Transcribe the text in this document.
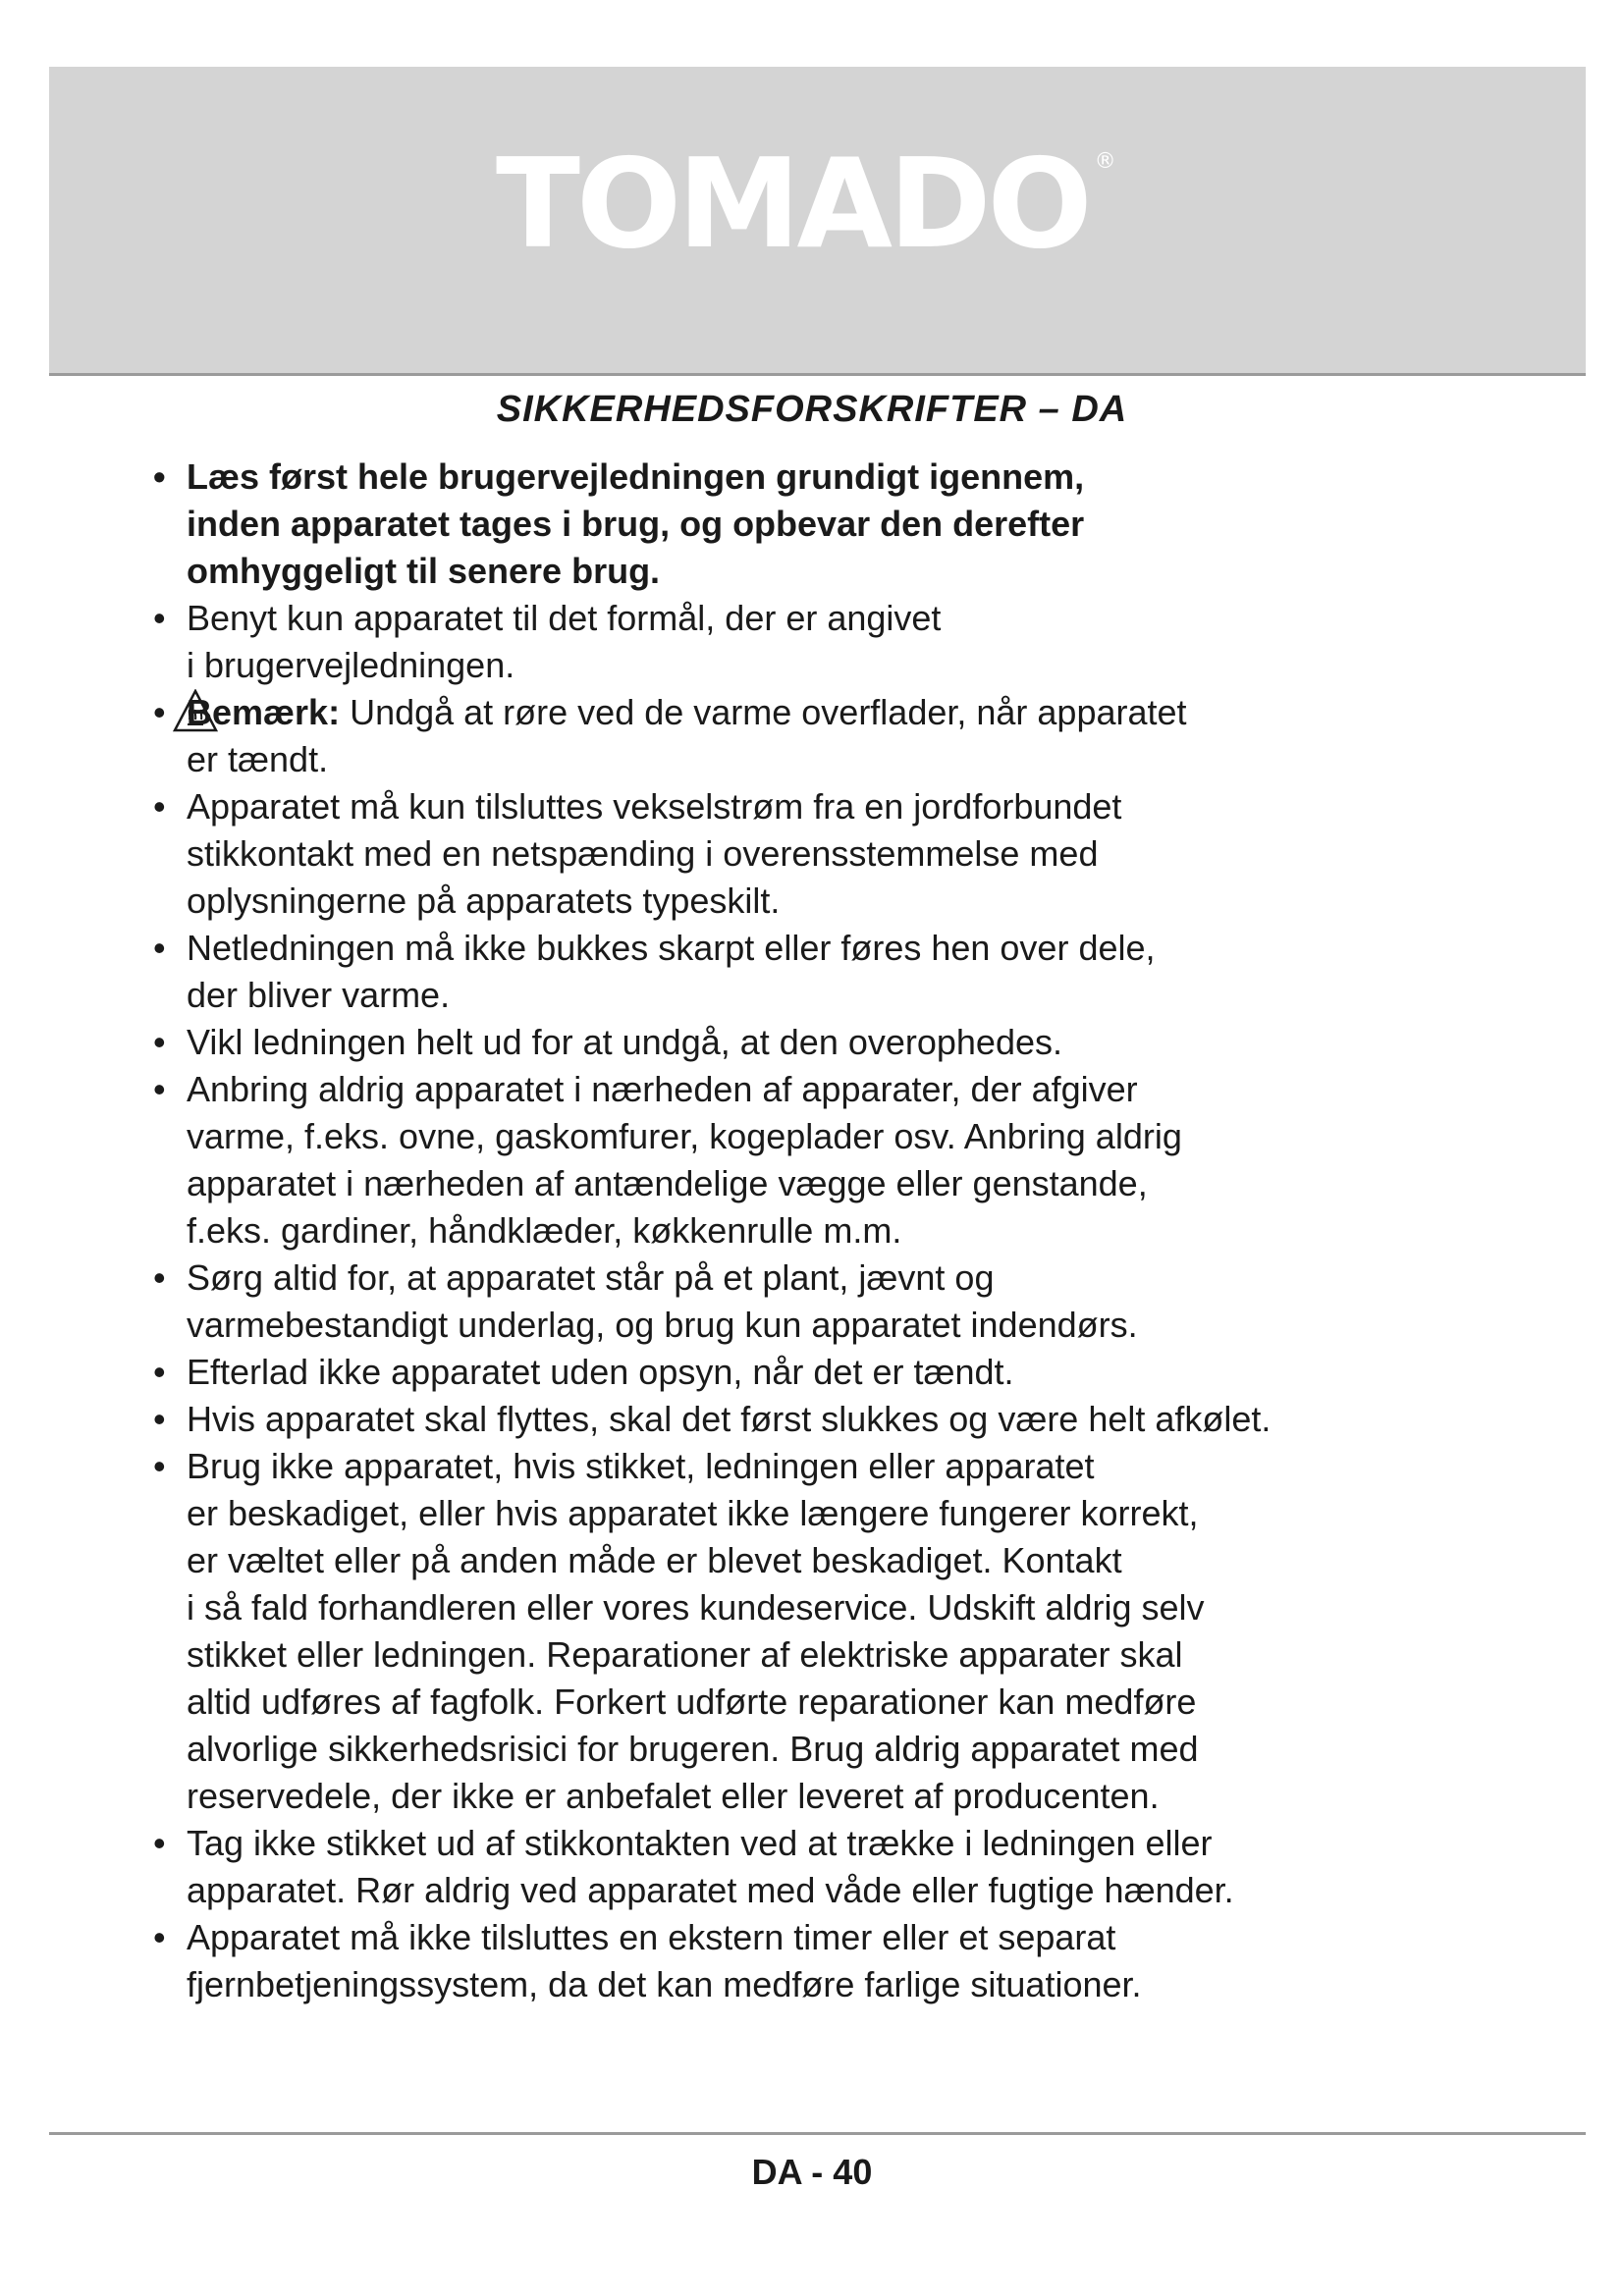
TOMADO ®
SIKKERHEDSFORSKRIFTER – DA
• Læs først hele brugervejledningen grundigt igennem,
inden apparatet tages i brug, og opbevar den derefter
omhyggeligt til senere brug.
• Benyt kun apparatet til det formål, der er angivet
i brugervejledningen.
• Bemærk: Undgå at røre ved de varme overflader, når apparatet
er tændt.
• Apparatet må kun tilsluttes vekselstrøm fra en jordforbundet
stikkontakt med en netspænding i overensstemmelse med
oplysningerne på apparatets typeskilt.
• Netledningen må ikke bukkes skarpt eller føres hen over dele,
der bliver varme.
• Vikl ledningen helt ud for at undgå, at den overophedes.
• Anbring aldrig apparatet i nærheden af apparater, der afgiver
varme, f.eks. ovne, gaskomfurer, kogeplader osv. Anbring aldrig
apparatet i nærheden af antændelige vægge eller genstande,
f.eks. gardiner, håndklæder, køkkenrulle m.m.
• Sørg altid for, at apparatet står på et plant, jævnt og
varmebestandigt underlag, og brug kun apparatet indendørs.
• Efterlad ikke apparatet uden opsyn, når det er tændt.
• Hvis apparatet skal flyttes, skal det først slukkes og være helt afkølet.
• Brug ikke apparatet, hvis stikket, ledningen eller apparatet
er beskadiget, eller hvis apparatet ikke længere fungerer korrekt,
er væltet eller på anden måde er blevet beskadiget. Kontakt
i så fald forhandleren eller vores kundeservice. Udskift aldrig selv
stikket eller ledningen. Reparationer af elektriske apparater skal
altid udføres af fagfolk. Forkert udførte reparationer kan medføre
alvorlige sikkerhedsrisici for brugeren. Brug aldrig apparatet med
reservedele, der ikke er anbefalet eller leveret af producenten.
• Tag ikke stikket ud af stikkontakten ved at trække i ledningen eller
apparatet. Rør aldrig ved apparatet med våde eller fugtige hænder.
• Apparatet må ikke tilsluttes en ekstern timer eller et separat
fjernbetjeningssystem, da det kan medføre farlige situationer.
DA - 40
